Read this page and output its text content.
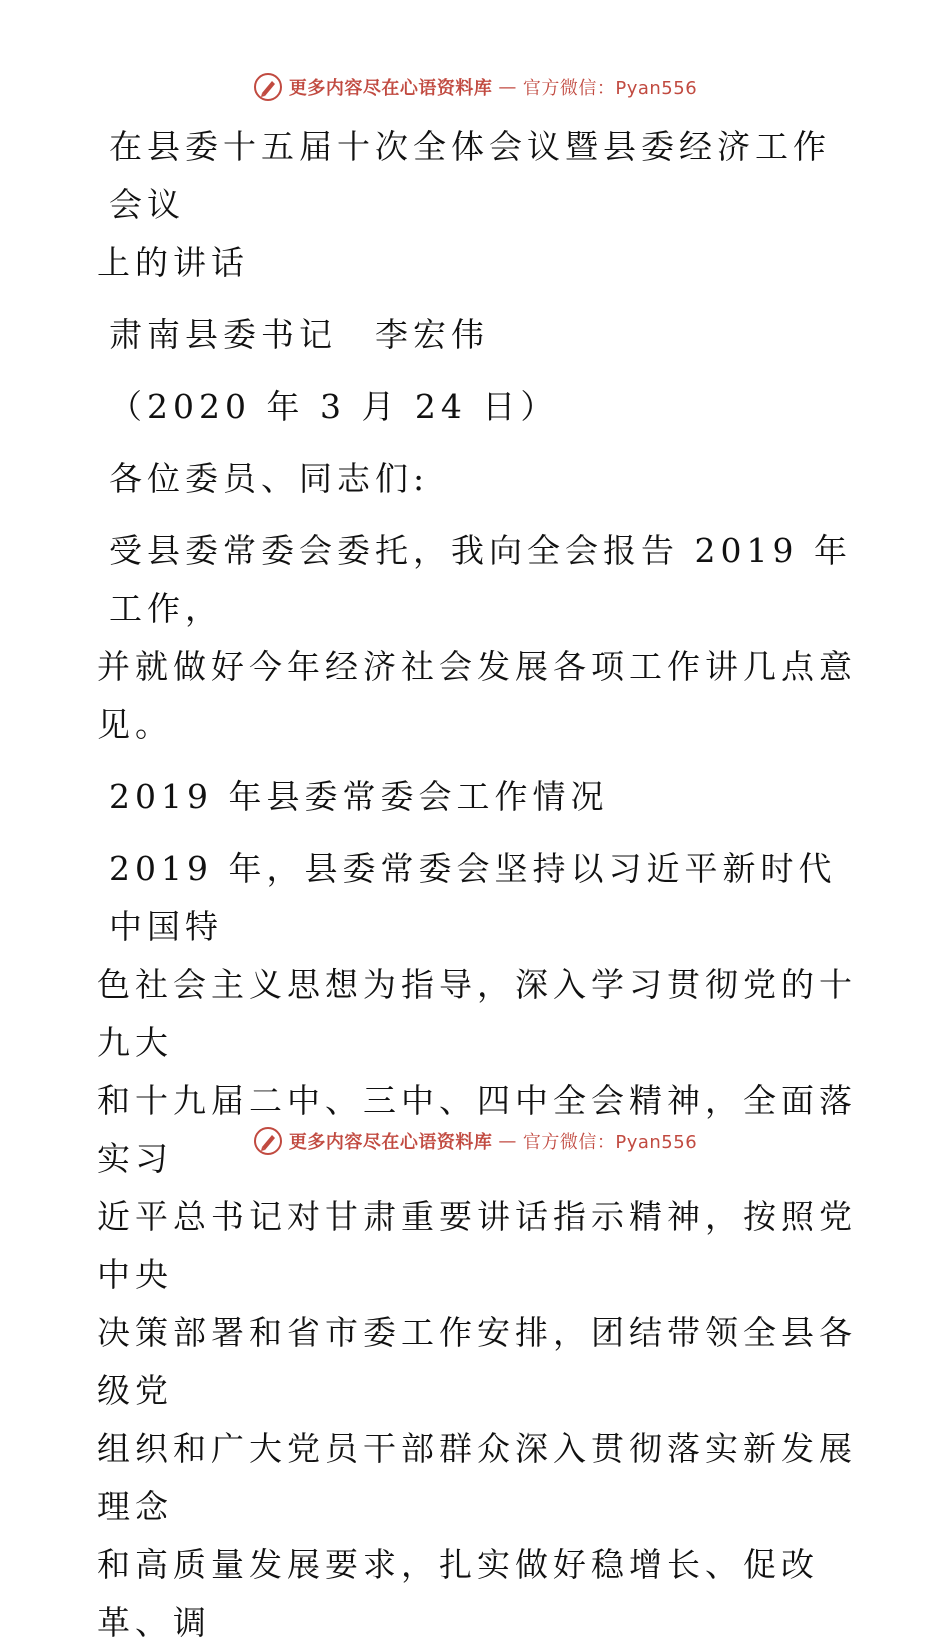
更多内容尽在心语资料库 — 官方微信：Pyan556

在县委十五届十次全体会议暨县委经济工作会议

上的讲话

肃南县委书记　李宏伟

（2020 年 3 月 24 日）

各位委员、同志们:

受县委常委会委托，我向全会报告 2019 年工作，

并就做好今年经济社会发展各项工作讲几点意见。

2019 年县委常委会工作情况

2019 年，县委常委会坚持以习近平新时代中国特

色社会主义思想为指导，深入学习贯彻党的十九大

和十九届二中、三中、四中全会精神，全面落实习

近平总书记对甘肃重要讲话指示精神，按照党中央

决策部署和省市委工作安排，团结带领全县各级党

组织和广大党员干部群众深入贯彻落实新发展理念

和高质量发展要求，扎实做好稳增长、促改革、调

更多内容尽在心语资料库 — 官方微信：Pyan556
